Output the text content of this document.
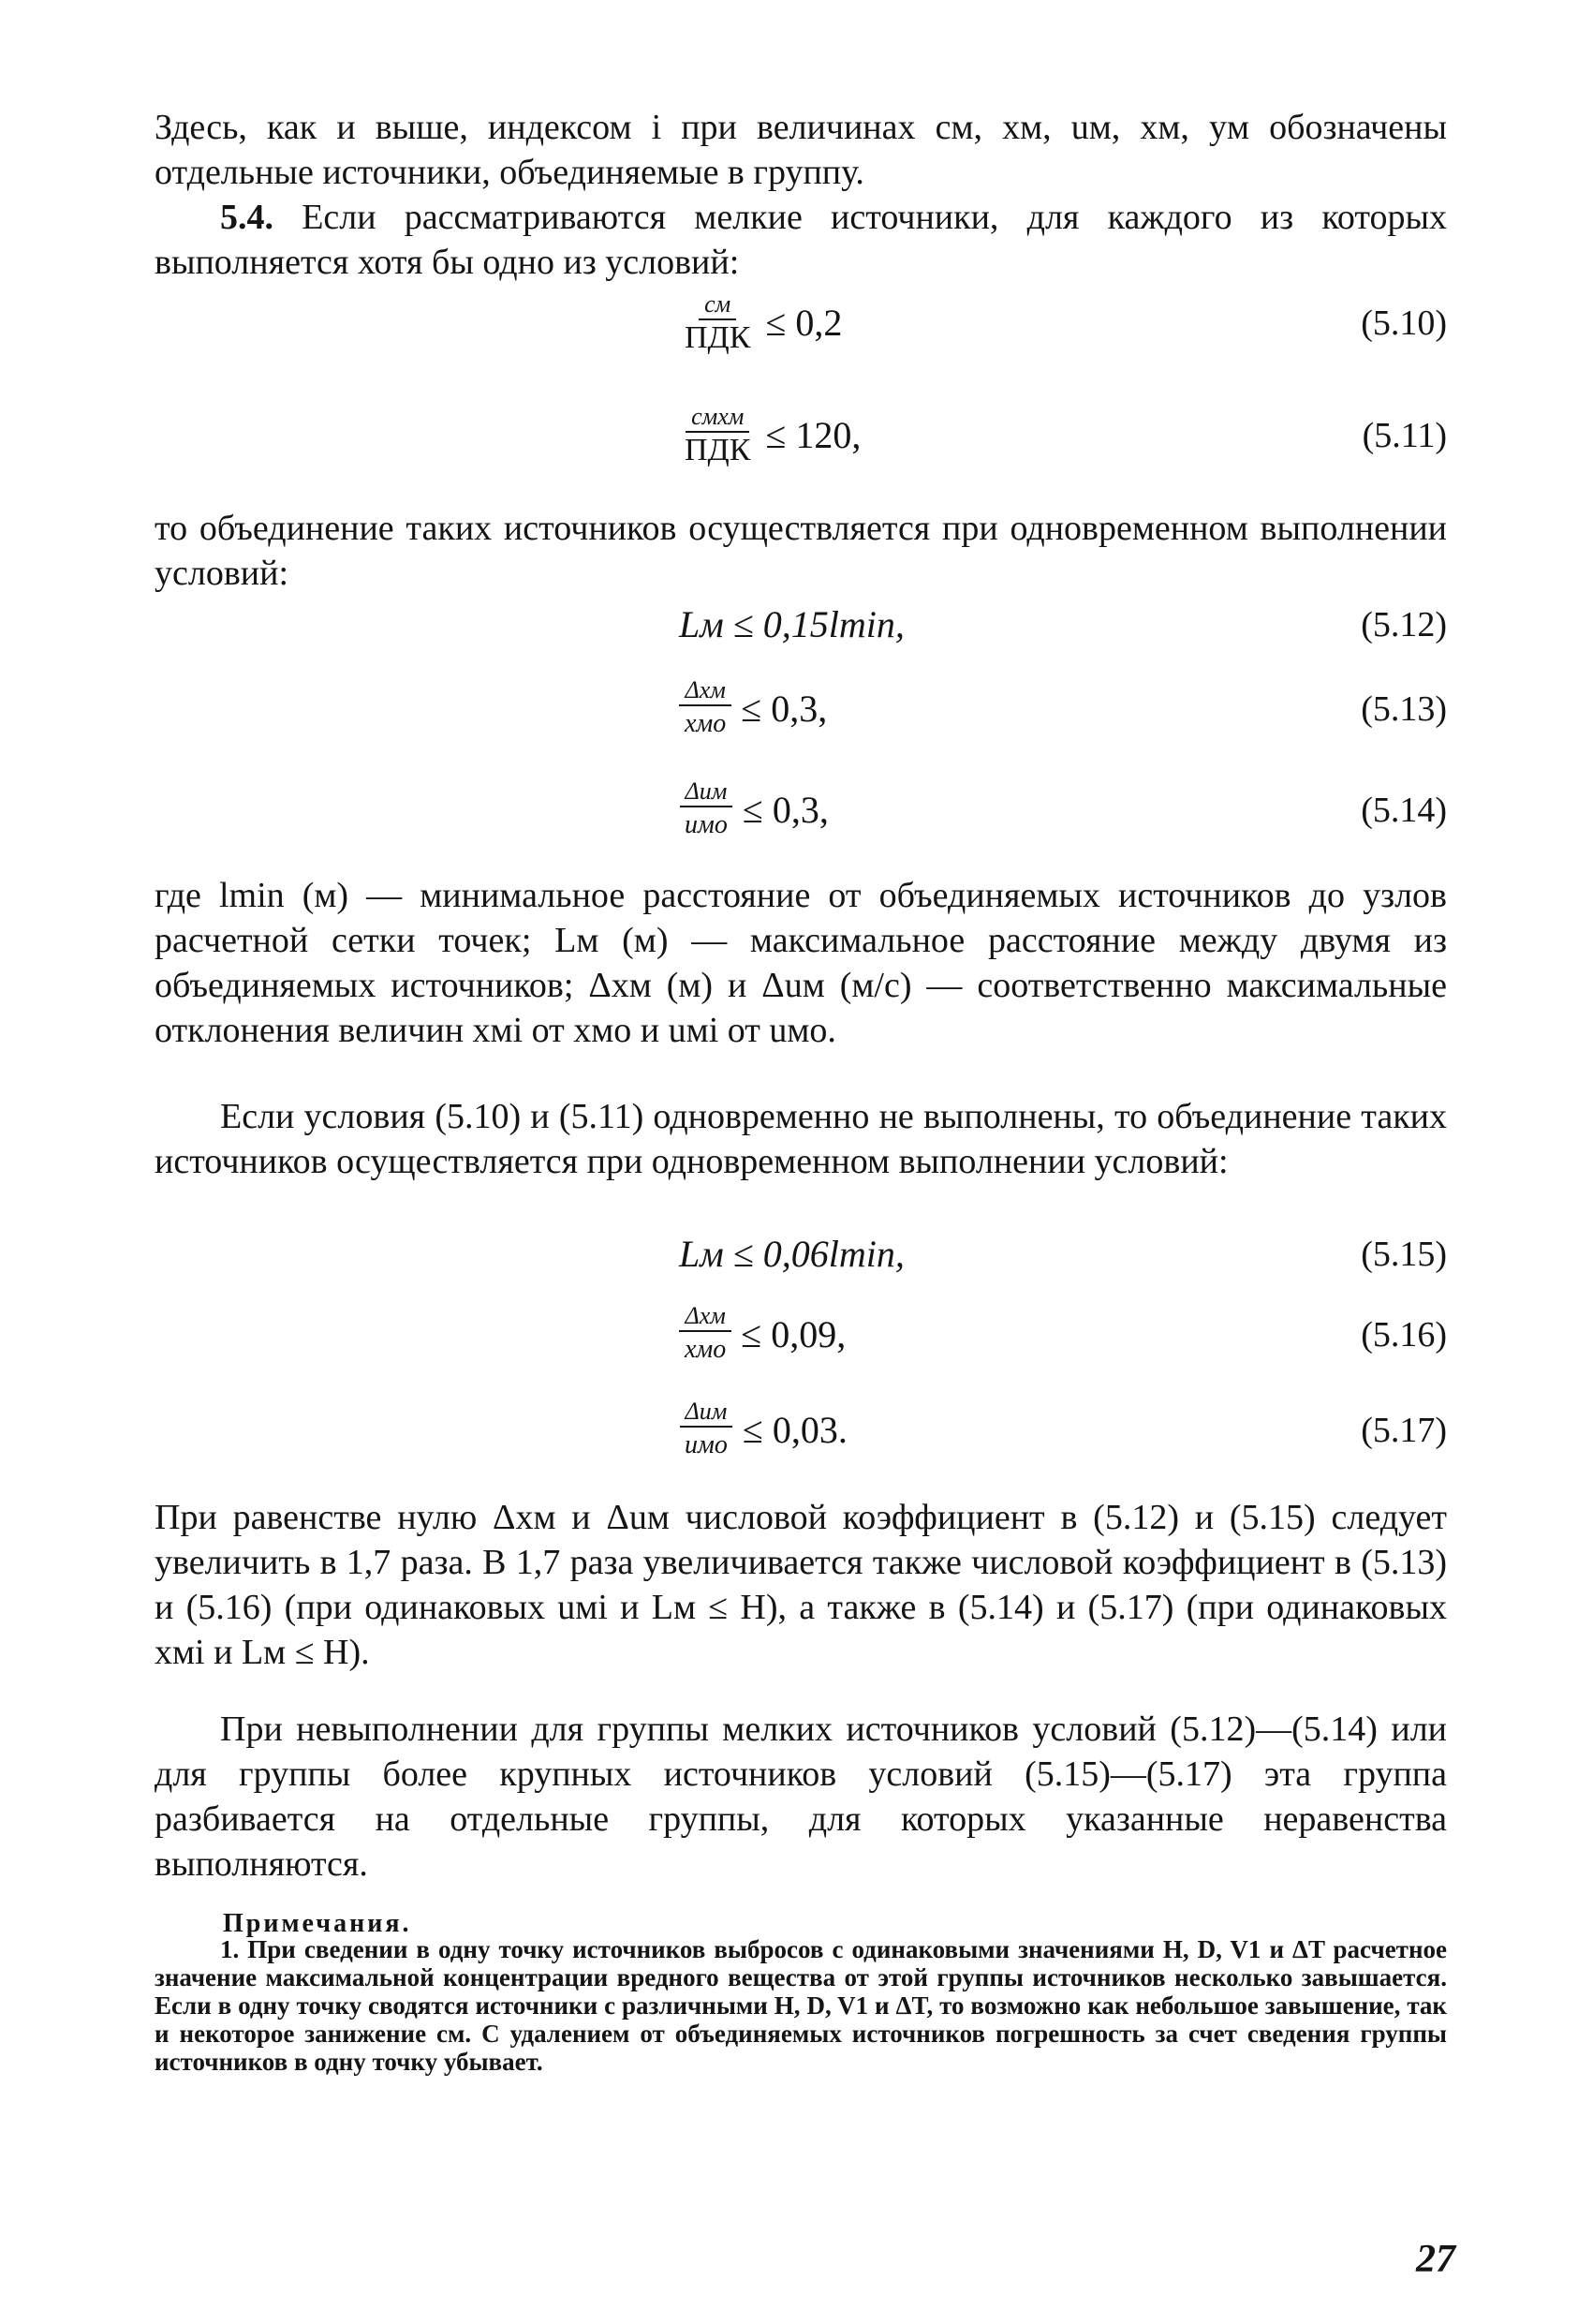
Здесь, как и выше, индексом i при величинах cм, xм, uм, xм, yм обозначены отдельные источники, объединяемые в группу.
5.4. Если рассматриваются мелкие источники, для каждого из которых выполняется хотя бы одно из условий:
$\frac{cм}{\text{ПДК}} \le 0,2$	(5.10)
$\frac{\text{cмxм}}{\text{ПДК}} \le 120$,	(5.11)
то объединение таких источников осуществляется при одновременном выполнении условий:
Lм ≤ 0,15lmin,	(5.12)
$\frac{\text{Δxм}}{\text{xмо}} \le 0,3$,	(5.13)
$\frac{\text{Δuм}}{\text{uмо}} \le 0,3$,	(5.14)
где lmin (м) — минимальное расстояние от объединяемых источников до узлов расчетной сетки точек; Lм (м) — максимальное расстояние между двумя из объединяемых источников; Δxм (м) и Δuм (м/с) — соответственно максимальные отклонения величин xмi от xмо и uмi от uмо.
Если условия (5.10) и (5.11) одновременно не выполнены, то объединение таких источников осуществляется при одновременном выполнении условий:
Lм ≤ 0,06lmin,	(5.15)
$\frac{\text{Δxм}}{\text{xмо}} \le 0,09$,	(5.16)
$\frac{\text{Δuм}}{\text{uмо}} \le 0,03$.	(5.17)
При равенстве нулю Δxм и Δuм числовой коэффициент в (5.12) и (5.15) следует увеличить в 1,7 раза. В 1,7 раза увеличивается также числовой коэффициент в (5.13) и (5.16) (при одинаковых uмi и Lм ≤ H), а также в (5.14) и (5.17) (при одинаковых xмi и Lм ≤ H).
При невыполнении для группы мелких источников условий (5.12)—(5.14) или для группы более крупных источников условий (5.15)—(5.17) эта группа разбивается на отдельные группы, для которых указанные неравенства выполняются.
Примечания.
1. При сведении в одну точку источников выбросов с одинаковыми значениями H, D, V1 и ΔT расчетное значение максимальной концентрации вредного вещества от этой группы источников несколько завышается. Если в одну точку сводятся источники с различными H, D, V1 и ΔT, то возможно как небольшое завышение, так и некоторое занижение cм. С удалением от объединяемых источников погрешность за счет сведения группы источников в одну точку убывает.
27
